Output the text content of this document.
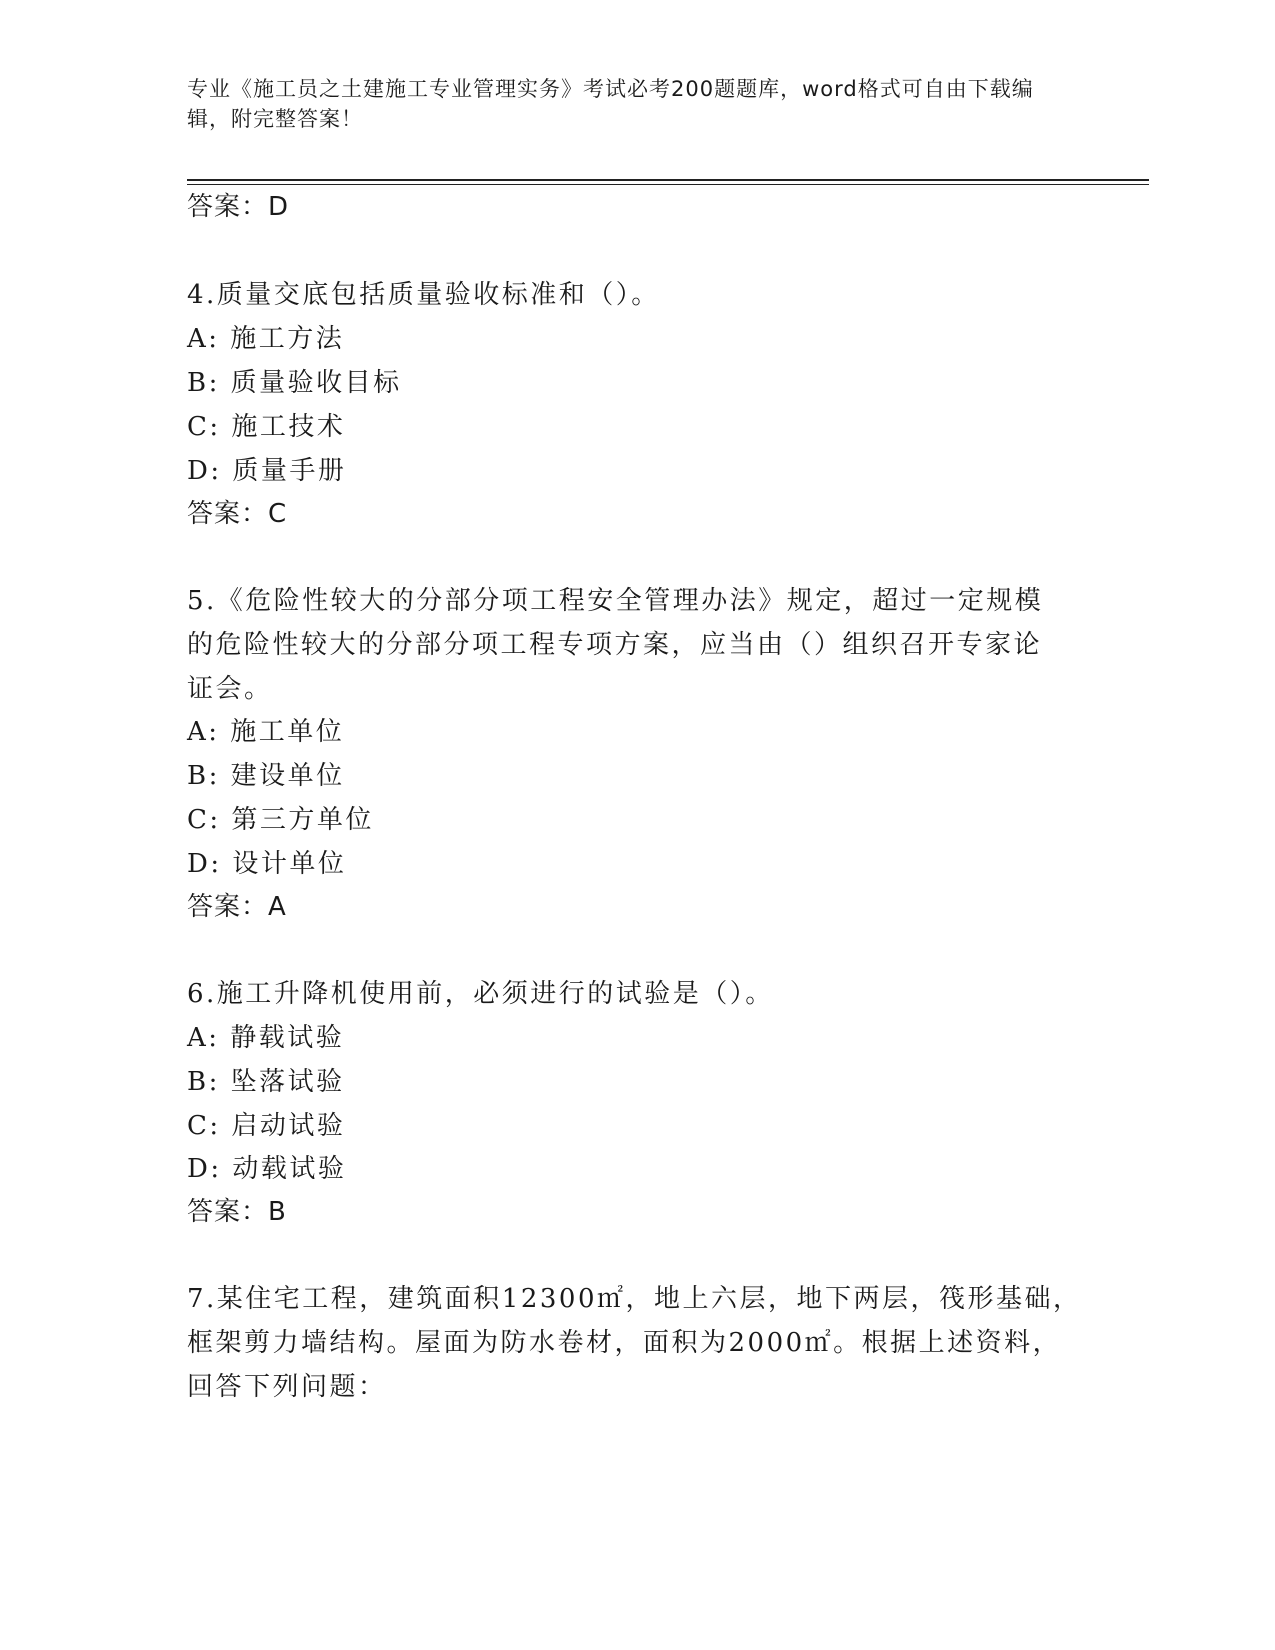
专业《施工员之土建施工专业管理实务》考试必考200题题库，word格式可自由下载编辑，附完整答案！
答案：D
4.质量交底包括质量验收标准和（）。
A: 施工方法
B: 质量验收目标
C: 施工技术
D: 质量手册
答案：C
5.《危险性较大的分部分项工程安全管理办法》规定，超过一定规模
的危险性较大的分部分项工程专项方案，应当由（）组织召开专家论
证会。
A: 施工单位
B: 建设单位
C: 第三方单位
D: 设计单位
答案：A
6.施工升降机使用前，必须进行的试验是（）。
A: 静载试验
B: 坠落试验
C: 启动试验
D: 动载试验
答案：B
7.某住宅工程，建筑面积12300㎡，地上六层，地下两层，筏形基础，
框架剪力墙结构。屋面为防水卷材，面积为2000㎡。根据上述资料，
回答下列问题：
